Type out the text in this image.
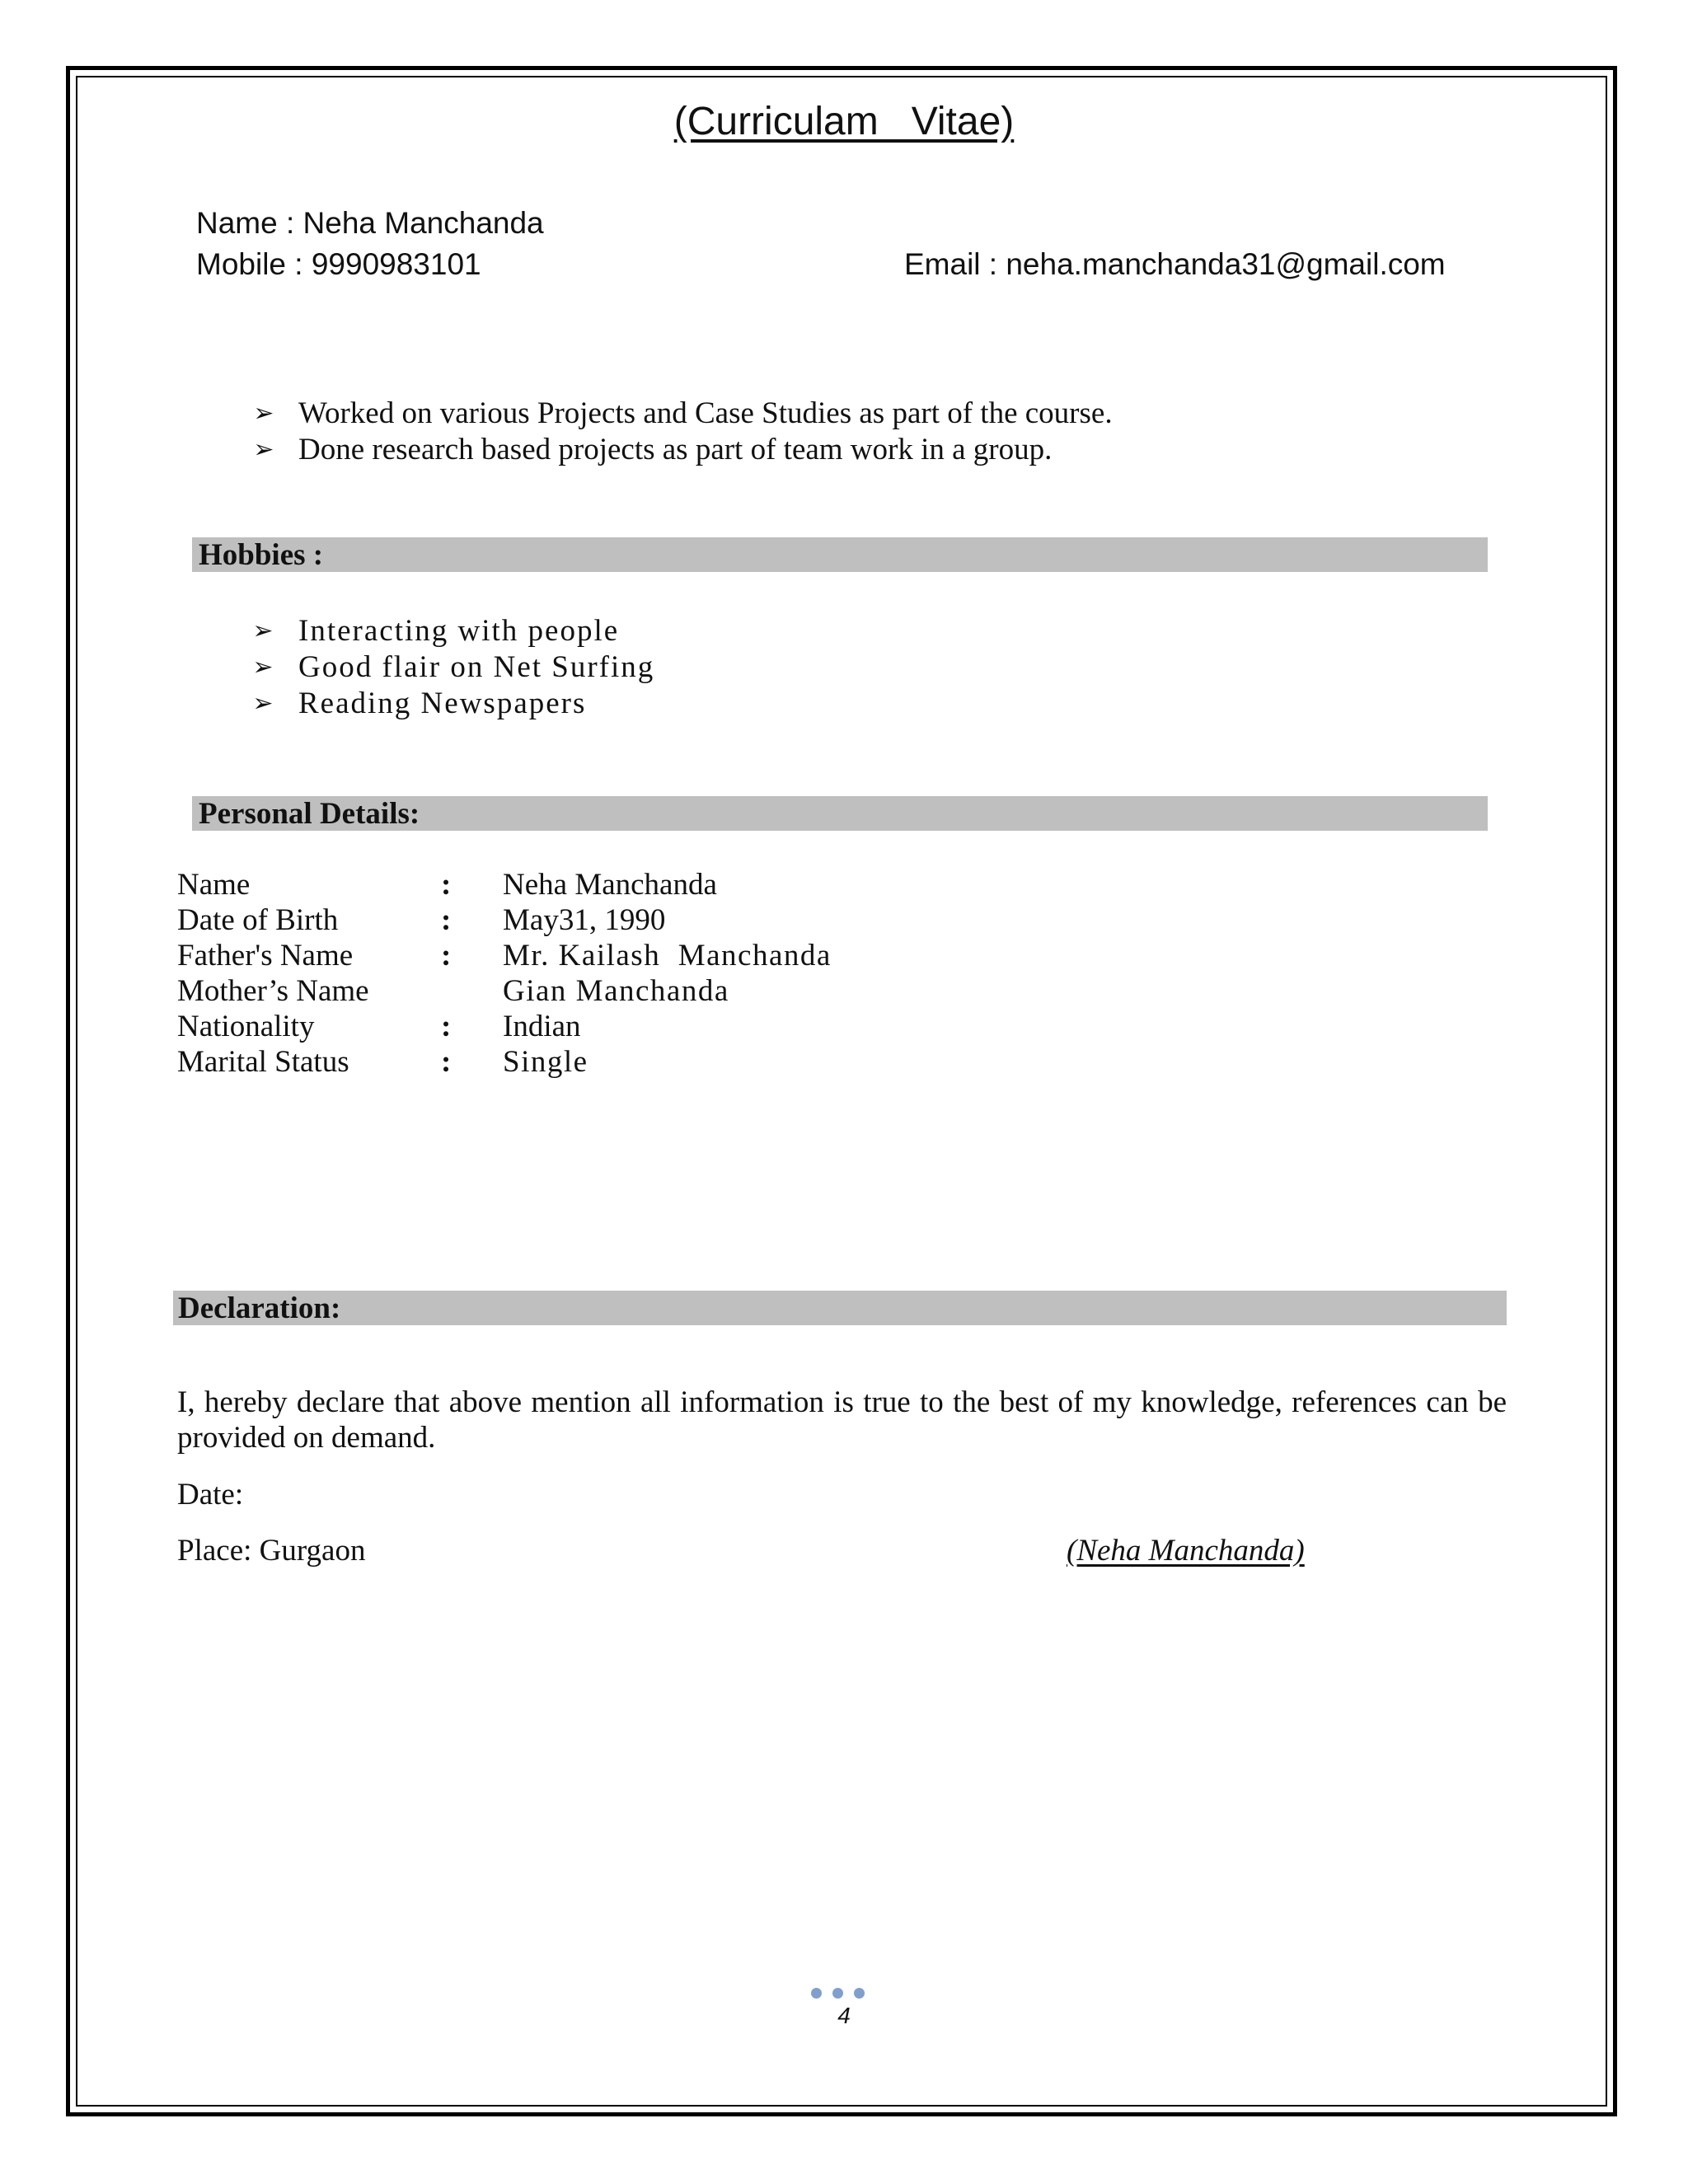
(Curriculam   Vitae)
Name : Neha Manchanda
Mobile : 9990983101	Email : neha.manchanda31@gmail.com
➢ Worked on various Projects and Case Studies as part of the course.
➢ Done research based projects as part of team work in a group.
Hobbies :
➢ Interacting with people
➢ Good flair on Net Surfing
➢ Reading Newspapers
Personal Details:
Name	:	Neha Manchanda
Date of Birth	:	May31, 1990
Father's Name	:	Mr. Kailash  Manchanda
Mother’s Name		Gian Manchanda
Nationality	:	Indian
Marital Status	:	Single
Declaration:
I, hereby declare that above mention all information is true to the best of my knowledge, references can be provided on demand.
Date:
Place: Gurgaon	(Neha Manchanda)
4
